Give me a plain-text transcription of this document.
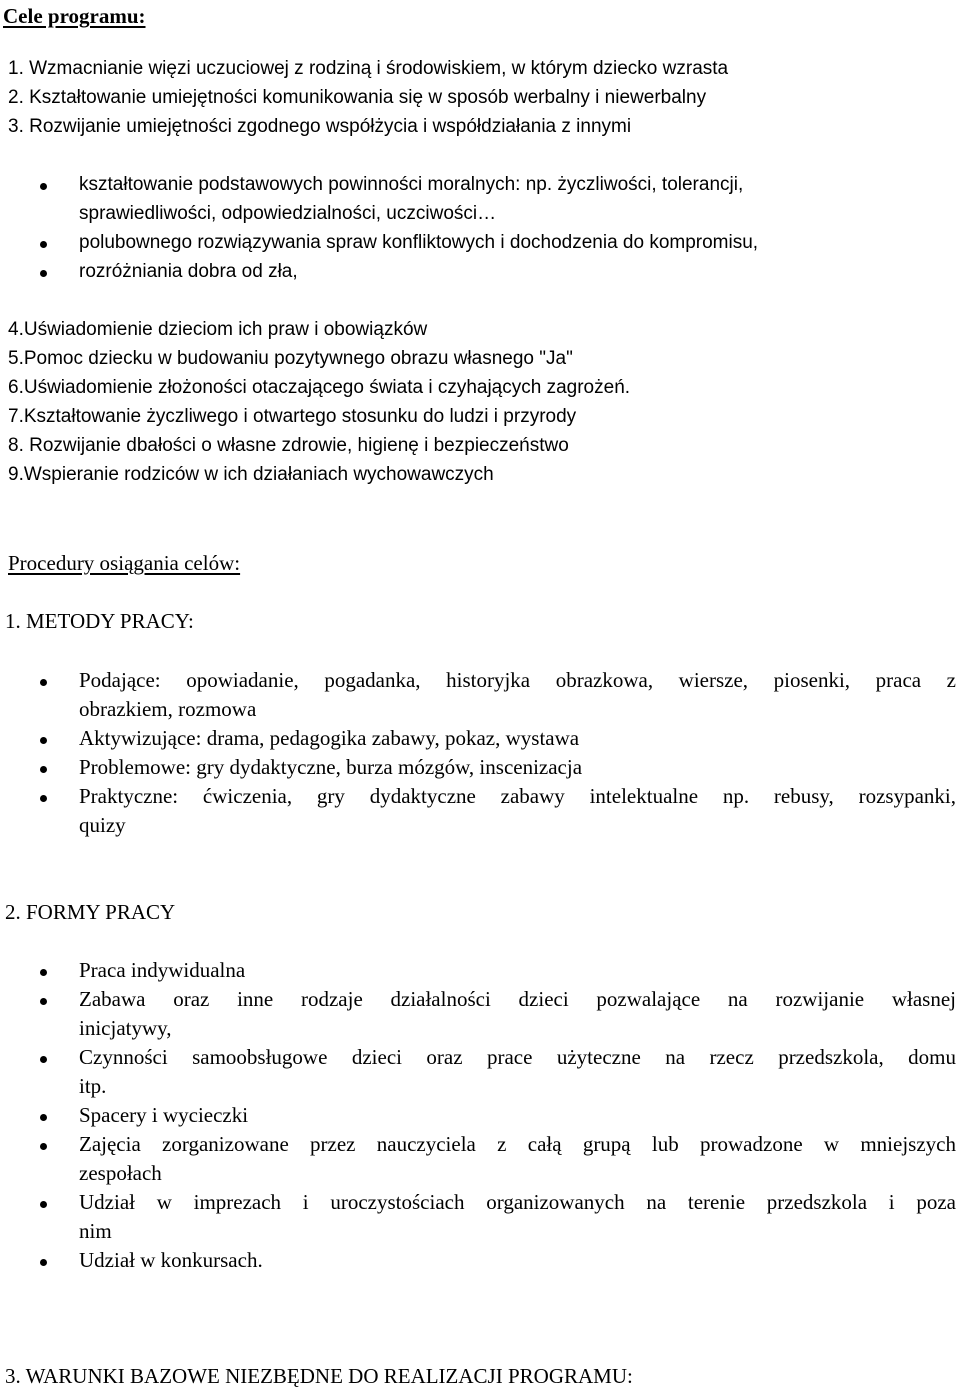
Cele programu:
1. Wzmacnianie więzi uczuciowej z rodziną i środowiskiem, w którym dziecko wzrasta
2. Kształtowanie umiejętności komunikowania się w sposób werbalny i niewerbalny
3. Rozwijanie umiejętności zgodnego współżycia i współdziałania z innymi
kształtowanie podstawowych powinności moralnych: np. życzliwości, tolerancji,
sprawiedliwości, odpowiedzialności, uczciwości…
polubownego rozwiązywania spraw konfliktowych i dochodzenia do kompromisu,
rozróżniania dobra od zła,
4.Uświadomienie dzieciom ich praw i obowiązków
5.Pomoc dziecku w budowaniu pozytywnego obrazu własnego "Ja"
6.Uświadomienie złożoności otaczającego świata i czyhających zagrożeń.
7.Kształtowanie życzliwego i otwartego stosunku do ludzi i przyrody
8. Rozwijanie dbałości o własne zdrowie, higienę i bezpieczeństwo
9.Wspieranie rodziców w ich działaniach wychowawczych
Procedury osiągania celów:
1. METODY PRACY:
Podające: opowiadanie, pogadanka, historyjka obrazkowa, wiersze, piosenki, praca z
obrazkiem, rozmowa
Aktywizujące: drama, pedagogika zabawy, pokaz, wystawa
Problemowe: gry dydaktyczne, burza mózgów, inscenizacja
Praktyczne: ćwiczenia, gry dydaktyczne zabawy intelektualne np. rebusy, rozsypanki,
quizy
2. FORMY PRACY
Praca indywidualna
Zabawa oraz inne rodzaje działalności dzieci pozwalające na rozwijanie własnej
inicjatywy,
Czynności samoobsługowe dzieci oraz prace użyteczne na rzecz przedszkola, domu
itp.
Spacery i wycieczki
Zajęcia zorganizowane przez nauczyciela z całą grupą lub prowadzone w mniejszych
zespołach
Udział w imprezach i uroczystościach organizowanych na terenie przedszkola i poza
nim
Udział w konkursach.
3. WARUNKI BAZOWE NIEZBĘDNE DO REALIZACJI PROGRAMU:
